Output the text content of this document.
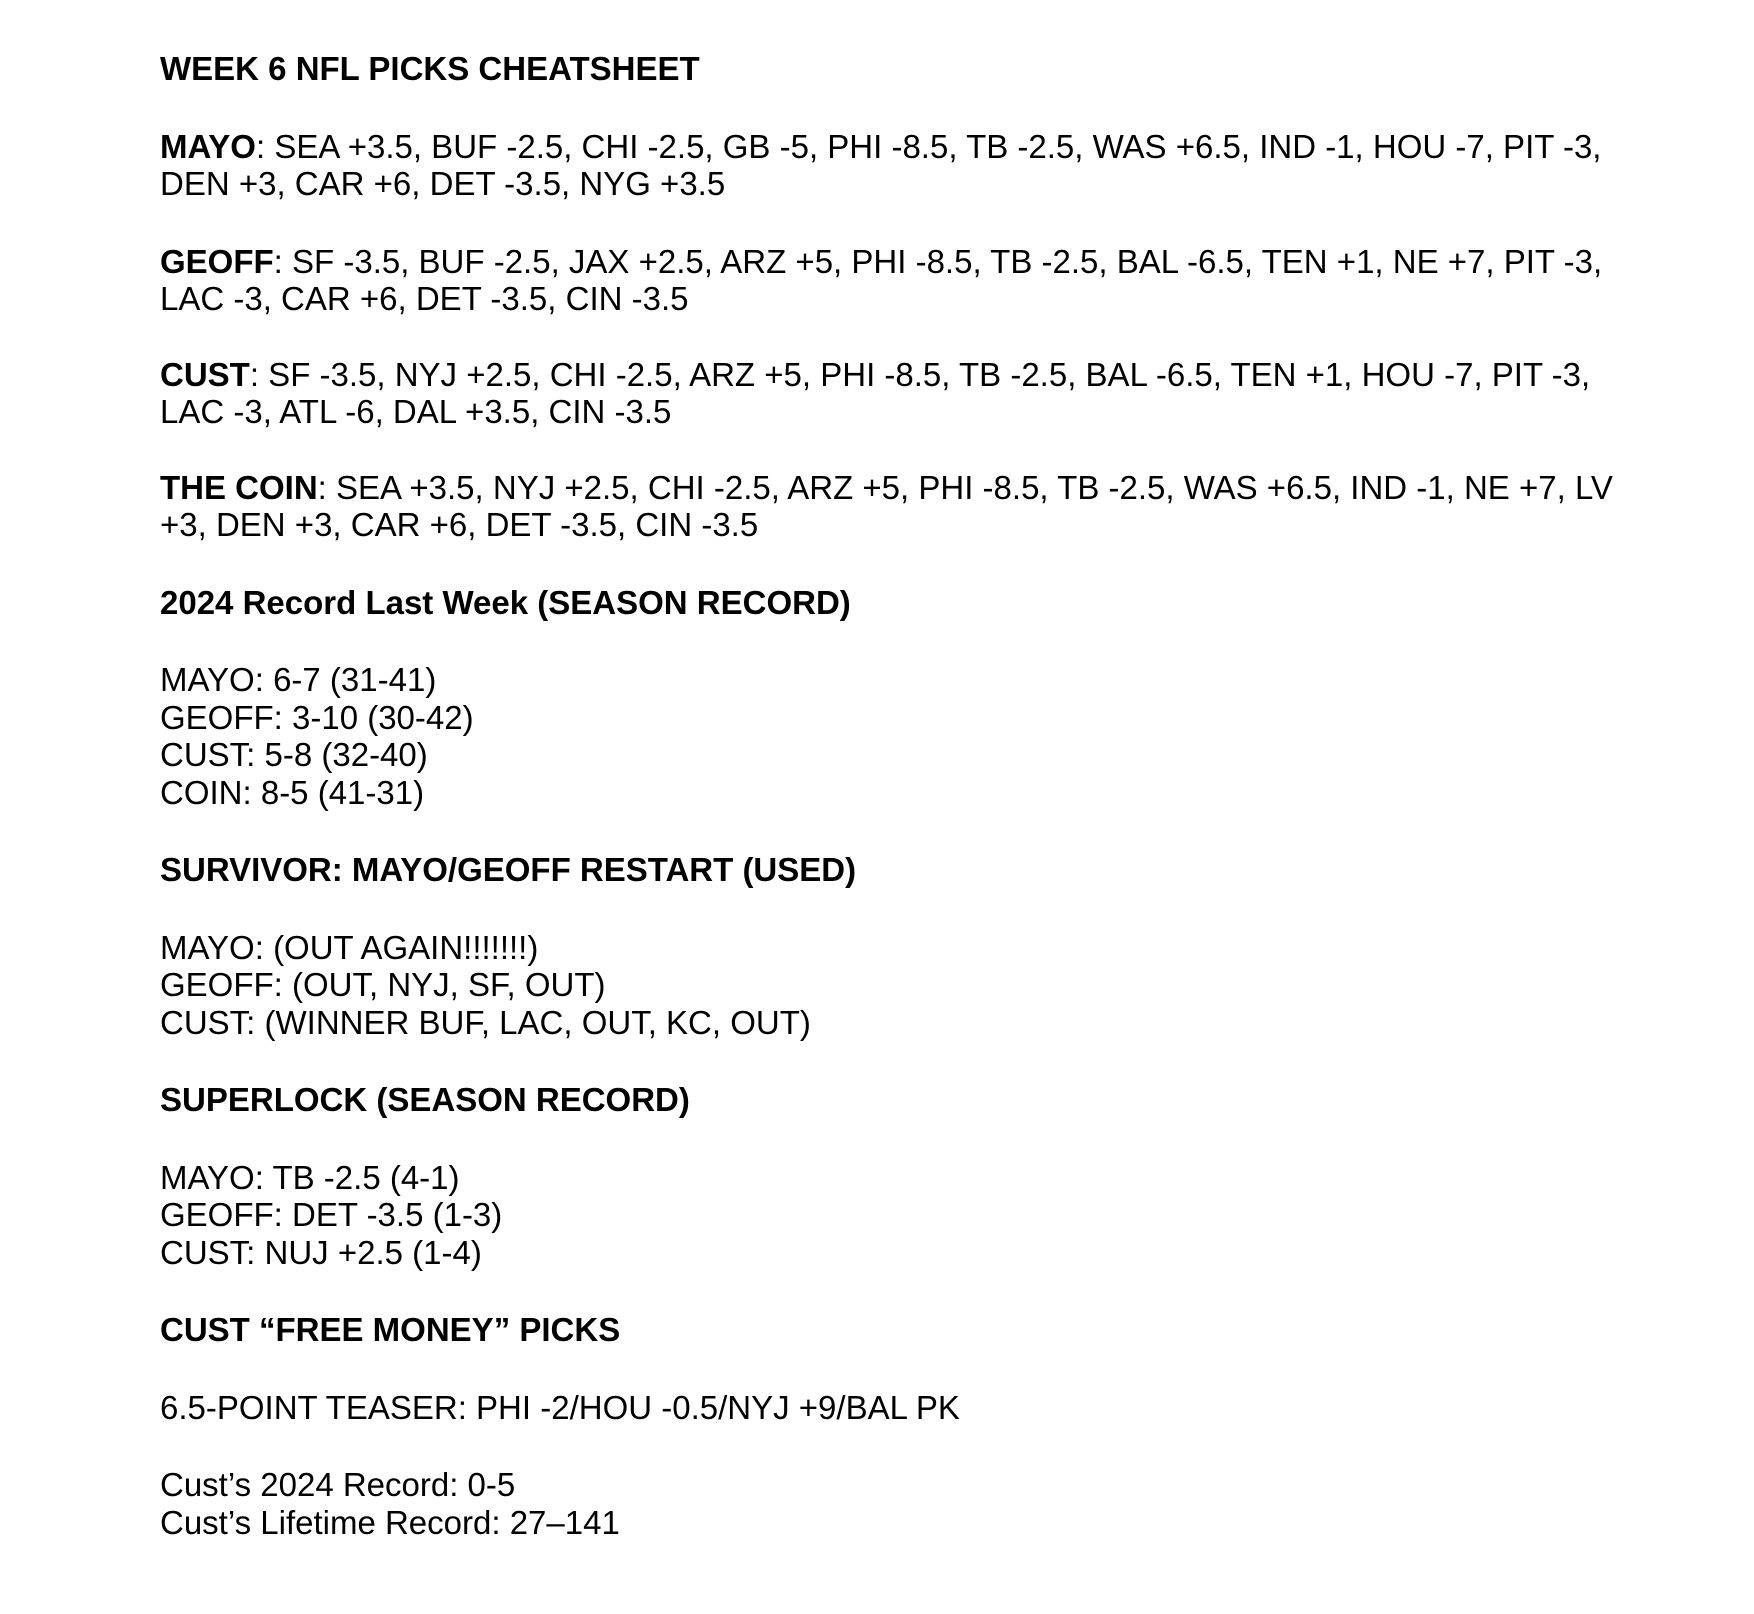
WEEK 6 NFL PICKS CHEATSHEET

MAYO: SEA +3.5, BUF -2.5, CHI -2.5, GB -5, PHI -8.5, TB -2.5, WAS +6.5, IND -1, HOU -7, PIT -3, DEN +3, CAR +6, DET -3.5, NYG +3.5

GEOFF: SF -3.5, BUF -2.5, JAX +2.5, ARZ +5, PHI -8.5, TB -2.5, BAL -6.5, TEN +1, NE +7, PIT -3, LAC -3, CAR +6, DET -3.5, CIN -3.5

CUST: SF -3.5, NYJ +2.5, CHI -2.5, ARZ +5, PHI -8.5, TB -2.5, BAL -6.5, TEN +1, HOU -7, PIT -3, LAC -3, ATL -6, DAL +3.5, CIN -3.5

THE COIN: SEA +3.5, NYJ +2.5, CHI -2.5, ARZ +5, PHI -8.5, TB -2.5, WAS +6.5, IND -1, NE +7, LV +3, DEN +3, CAR +6, DET -3.5, CIN -3.5

2024 Record Last Week (SEASON RECORD)

MAYO: 6-7 (31-41)

GEOFF: 3-10 (30-42)

CUST: 5-8 (32-40)

COIN: 8-5 (41-31)

SURVIVOR: MAYO/GEOFF RESTART (USED)

MAYO: (OUT AGAIN!!!!!!!)

GEOFF: (OUT, NYJ, SF, OUT)

CUST: (WINNER BUF, LAC, OUT, KC, OUT)

SUPERLOCK (SEASON RECORD)

MAYO: TB -2.5 (4-1)

GEOFF: DET -3.5 (1-3)

CUST: NUJ +2.5 (1-4)

CUST “FREE MONEY” PICKS

6.5-POINT TEASER: PHI -2/HOU -0.5/NYJ +9/BAL PK

Cust’s 2024 Record: 0-5

Cust’s Lifetime Record: 27–141
